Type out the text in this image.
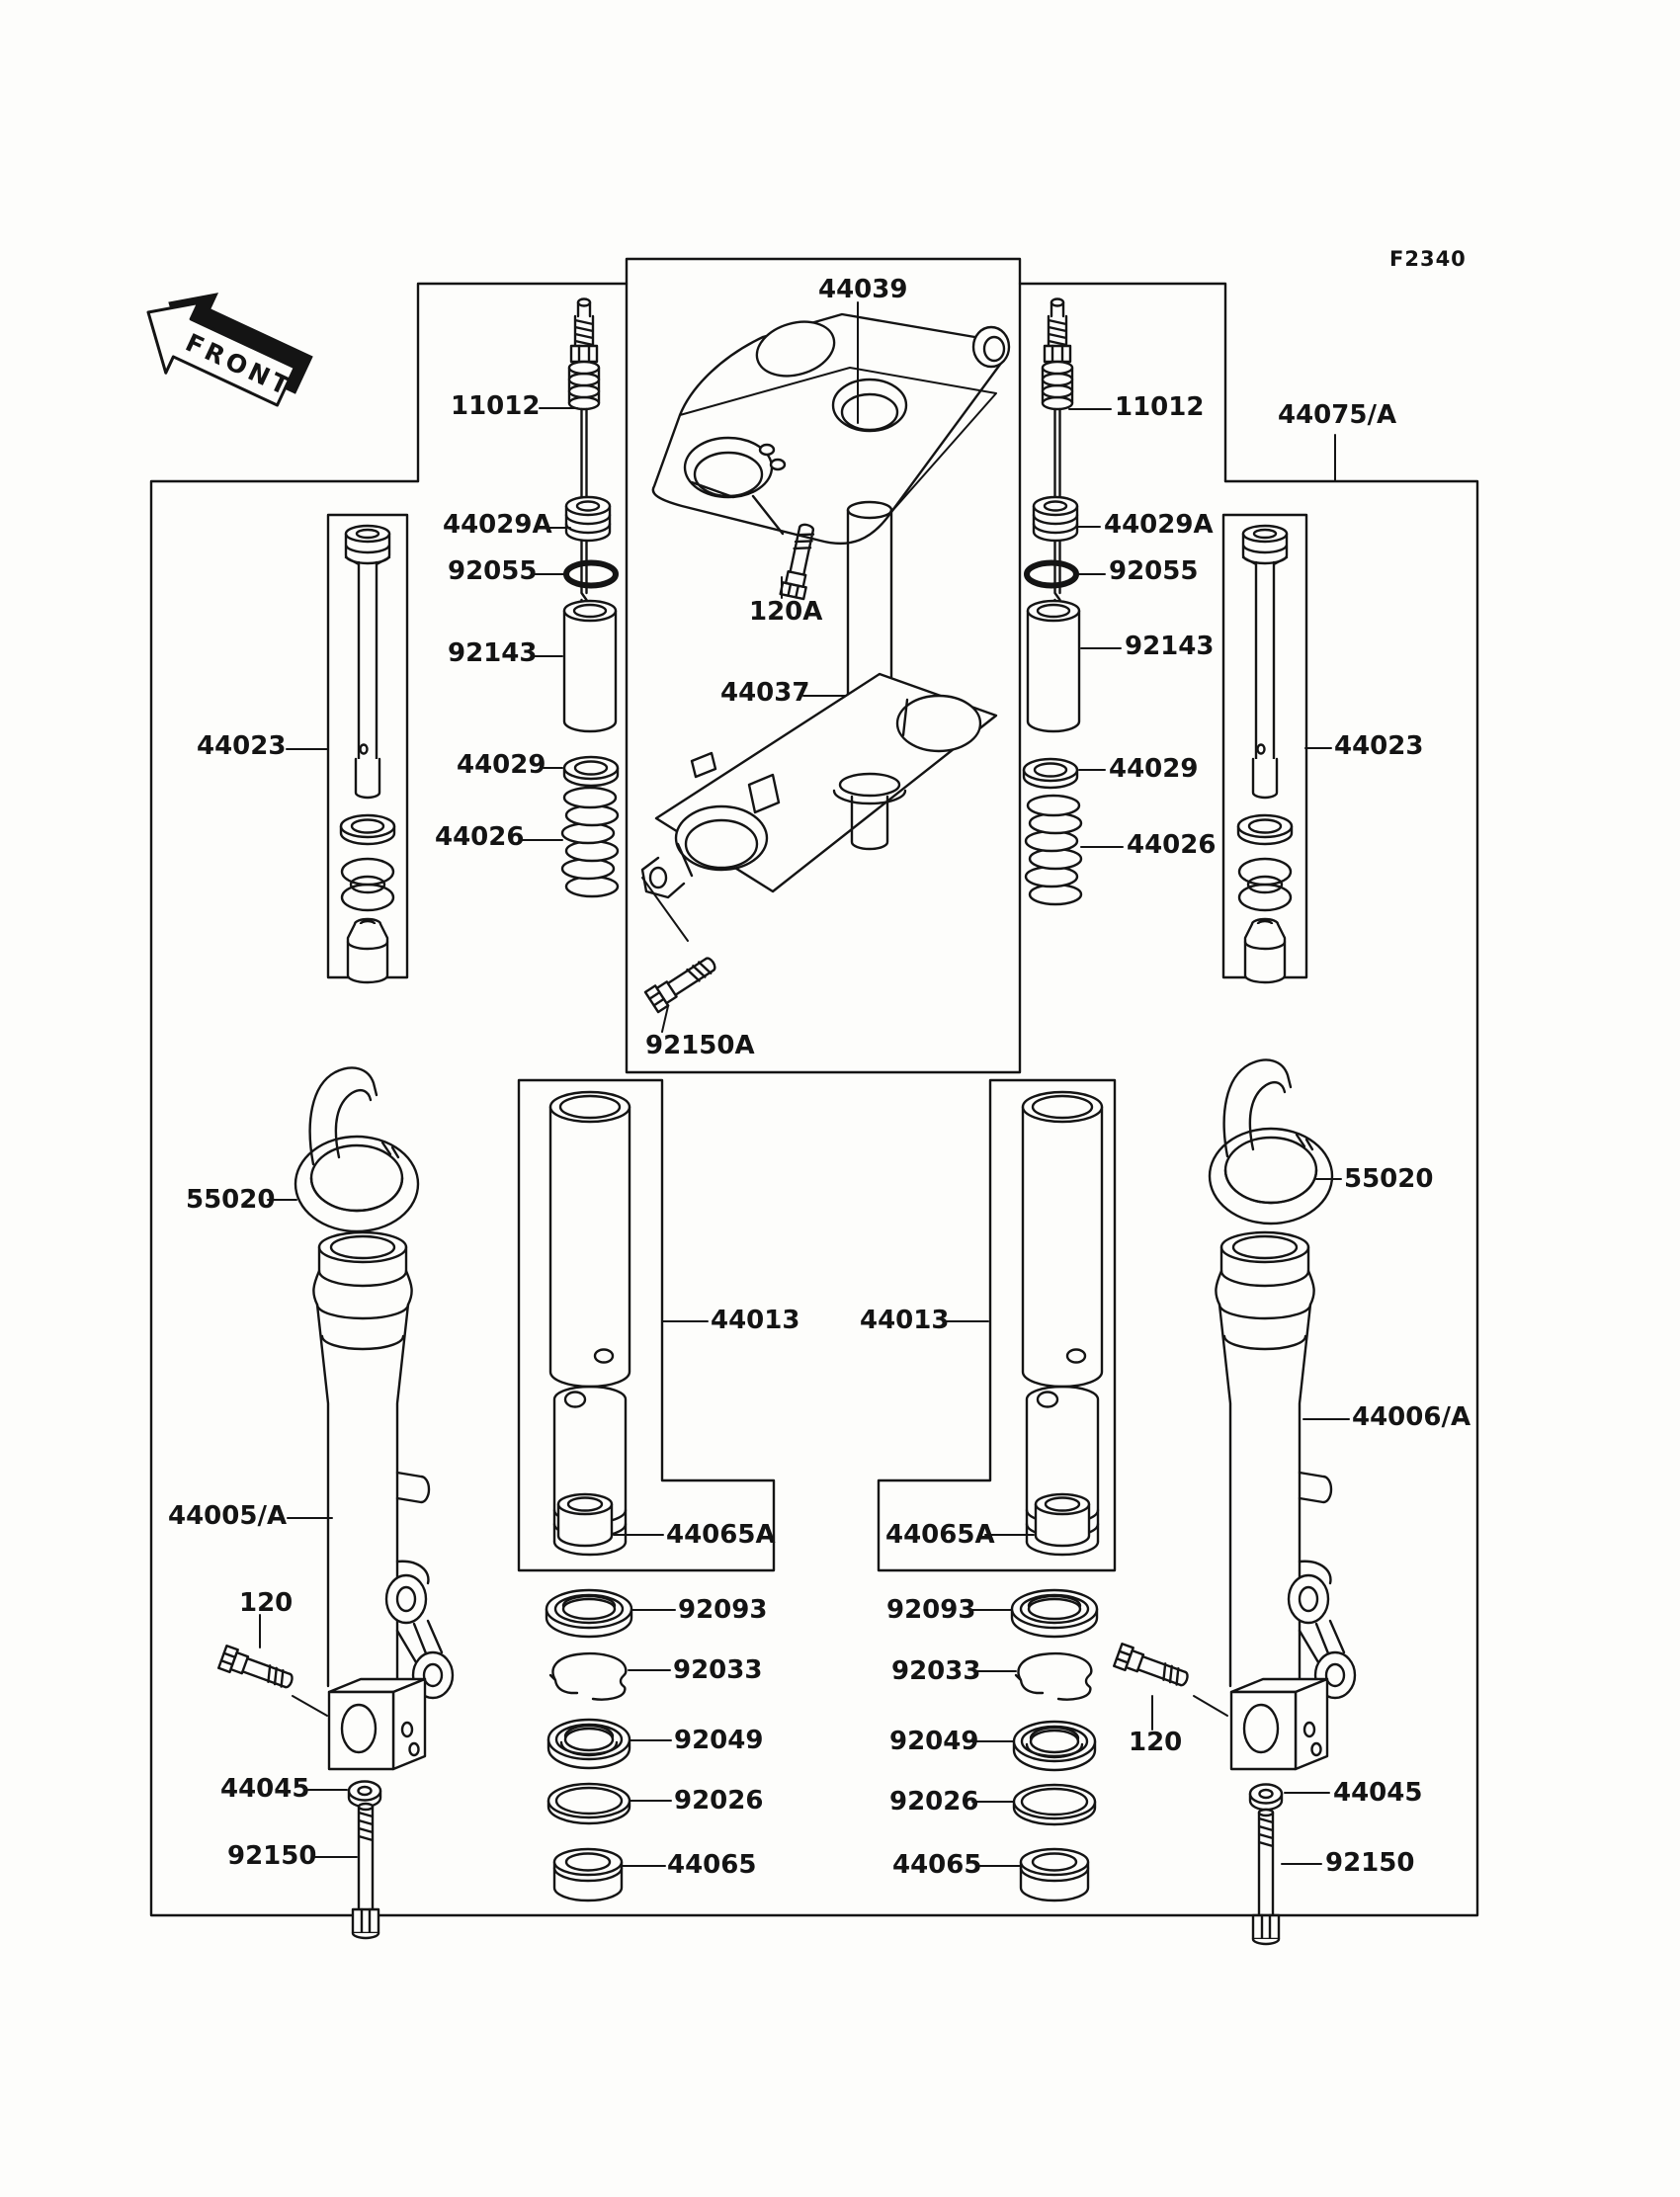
FRONT
F2340
44039
11012
44029A
92055
92143
44029
44026
44023
120A
44037
92150A
11012
44029A
92055
92143
44029
44026
44023
44075/A
55020
55020
44013 44013
44005/A
44006/A
44065A	44065A
92093	92093
92033	92033
92049	92049
92026	92026
44065	44065
120
120
44045	44045
92150	92150
